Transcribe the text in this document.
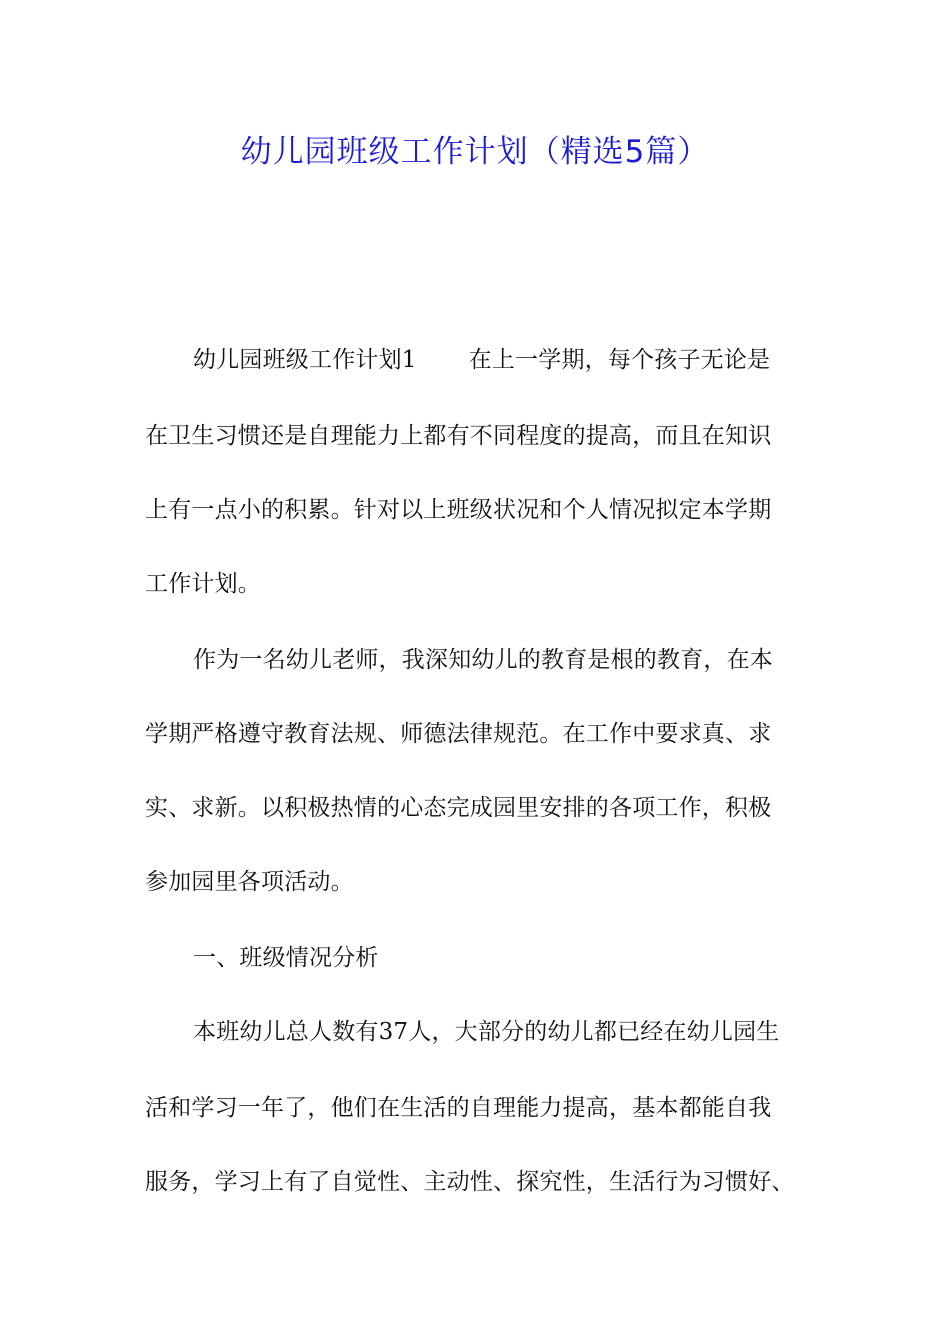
幼儿园班级工作计划（精选5篇）
幼儿园班级工作计划1 在上一学期，每个孩子无论是
在卫生习惯还是自理能力上都有不同程度的提高，而且在知识
上有一点小的积累。针对以上班级状况和个人情况拟定本学期
工作计划。
作为一名幼儿老师，我深知幼儿的教育是根的教育，在本
学期严格遵守教育法规、师德法律规范。在工作中要求真、求
实、求新。以积极热情的心态完成园里安排的各项工作，积极
参加园里各项活动。
一、班级情况分析
本班幼儿总人数有37人，大部分的幼儿都已经在幼儿园生
活和学习一年了，他们在生活的自理能力提高，基本都能自我
服务，学习上有了自觉性、主动性、探究性，生活行为习惯好、
